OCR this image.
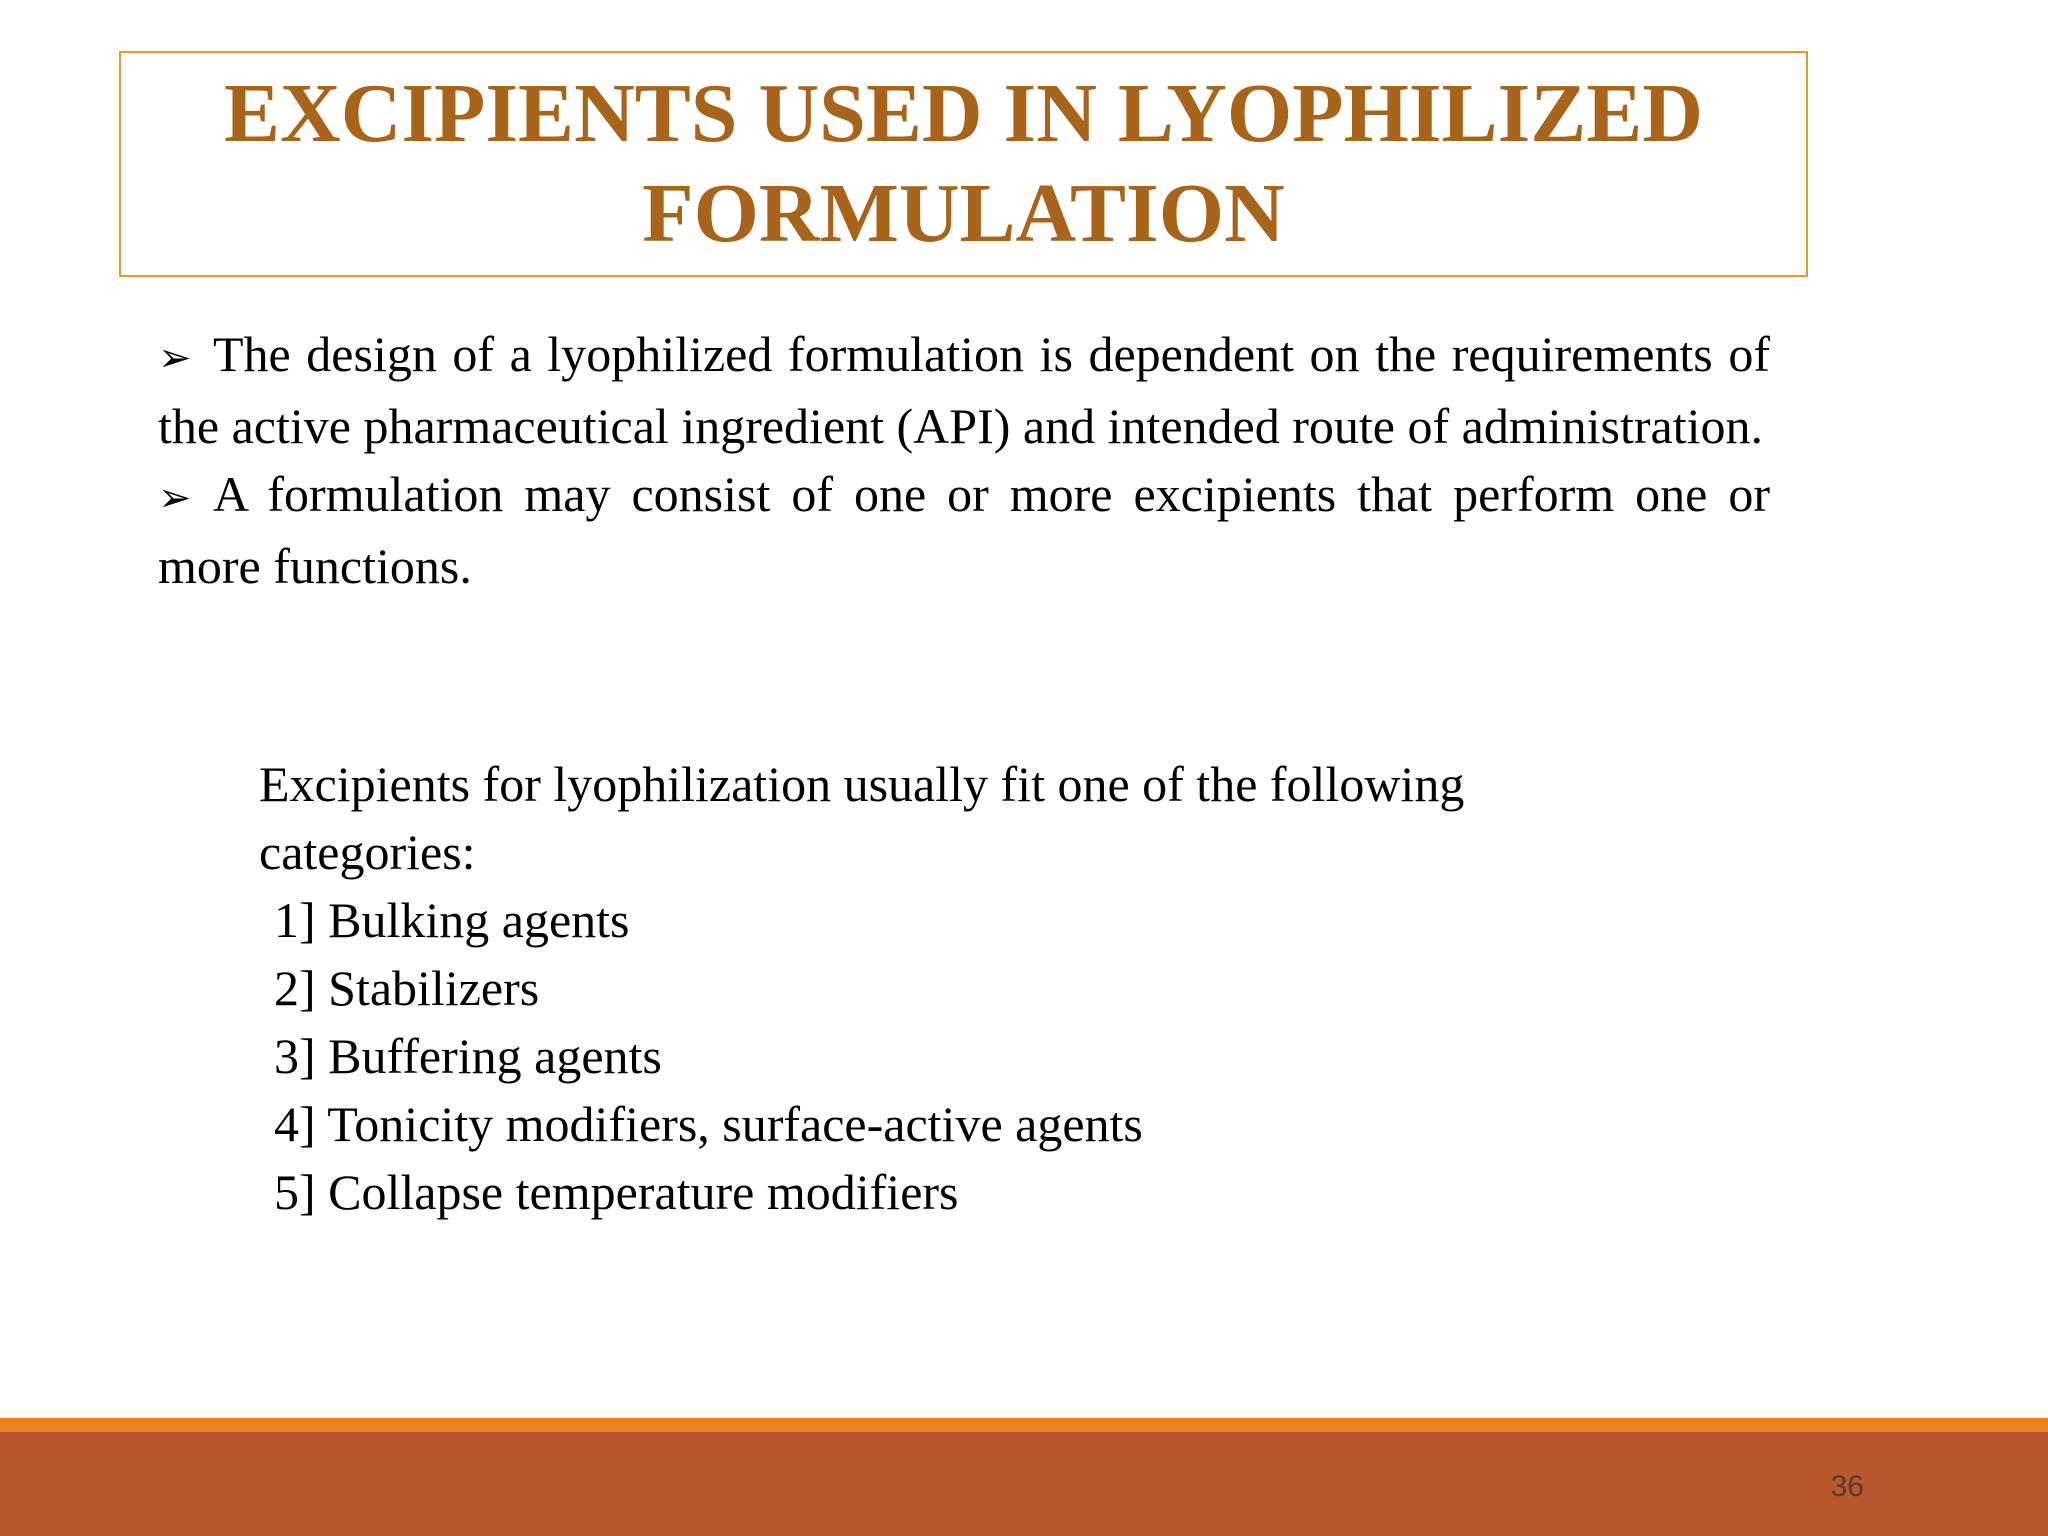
EXCIPIENTS USED IN LYOPHILIZED
FORMULATION

➢ The design of a lyophilized formulation is dependent on the requirements of the active pharmaceutical ingredient (API) and intended route of administration.

➢ A formulation may consist of one or more excipients that perform one or more functions.

Excipients for lyophilization usually fit one of the following

categories:

1] Bulking agents

2] Stabilizers

3] Buffering agents

4] Tonicity modifiers, surface-active agents

5] Collapse temperature modifiers

36
